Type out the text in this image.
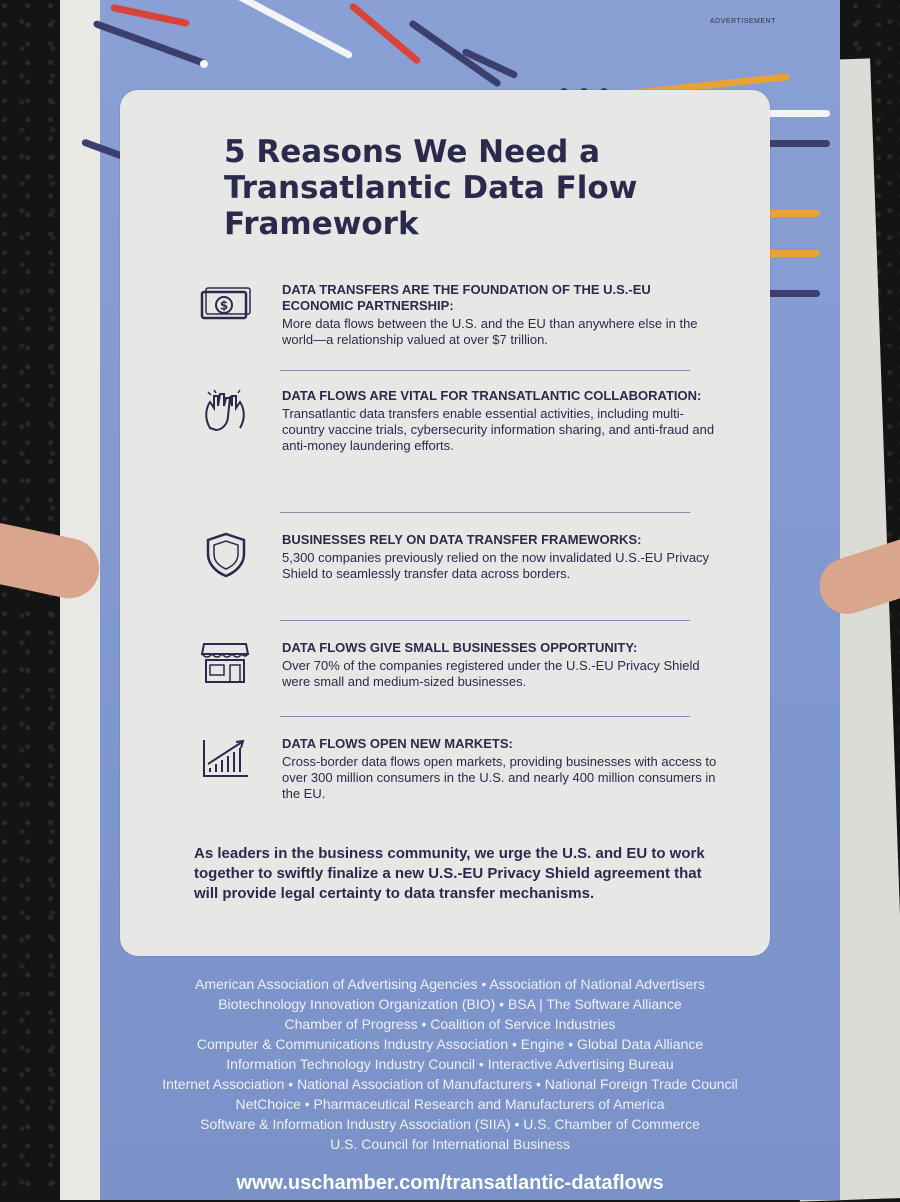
ADVERTISEMENT
5 Reasons We Need a Transatlantic Data Flow Framework
$

DATA TRANSFERS ARE THE FOUNDATION OF THE U.S.-EU ECONOMIC PARTNERSHIP:

More data flows between the U.S. and the EU than anywhere else in the world—a relationship valued at over $7 trillion.

DATA FLOWS ARE VITAL FOR TRANSATLANTIC COLLABORATION:

Transatlantic data transfers enable essential activities, including multi-country vaccine trials, cybersecurity information sharing, and anti-fraud and anti-money laundering efforts.

BUSINESSES RELY ON DATA TRANSFER FRAMEWORKS:

5,300 companies previously relied on the now invalidated U.S.-EU Privacy Shield to seamlessly transfer data across borders.

DATA FLOWS GIVE SMALL BUSINESSES OPPORTUNITY:

Over 70% of the companies registered under the U.S.-EU Privacy Shield were small and medium-sized businesses.

DATA FLOWS OPEN NEW MARKETS:

Cross-border data flows open markets, providing businesses with access to over 300 million consumers in the U.S. and nearly 400 million consumers in the EU.

As leaders in the business community, we urge the U.S. and EU to work together to swiftly finalize a new U.S.-EU Privacy Shield agreement that will provide legal certainty to data transfer mechanisms.

American Association of Advertising Agencies • Association of National Advertisers
Biotechnology Innovation Organization (BIO) • BSA | The Software Alliance
Chamber of Progress • Coalition of Service Industries
Computer & Communications Industry Association • Engine • Global Data Alliance
Information Technology Industry Council • Interactive Advertising Bureau
Internet Association • National Association of Manufacturers • National Foreign Trade Council
NetChoice • Pharmaceutical Research and Manufacturers of America
Software & Information Industry Association (SIIA) • U.S. Chamber of Commerce
U.S. Council for International Business
www.uschamber.com/transatlantic-dataflows
